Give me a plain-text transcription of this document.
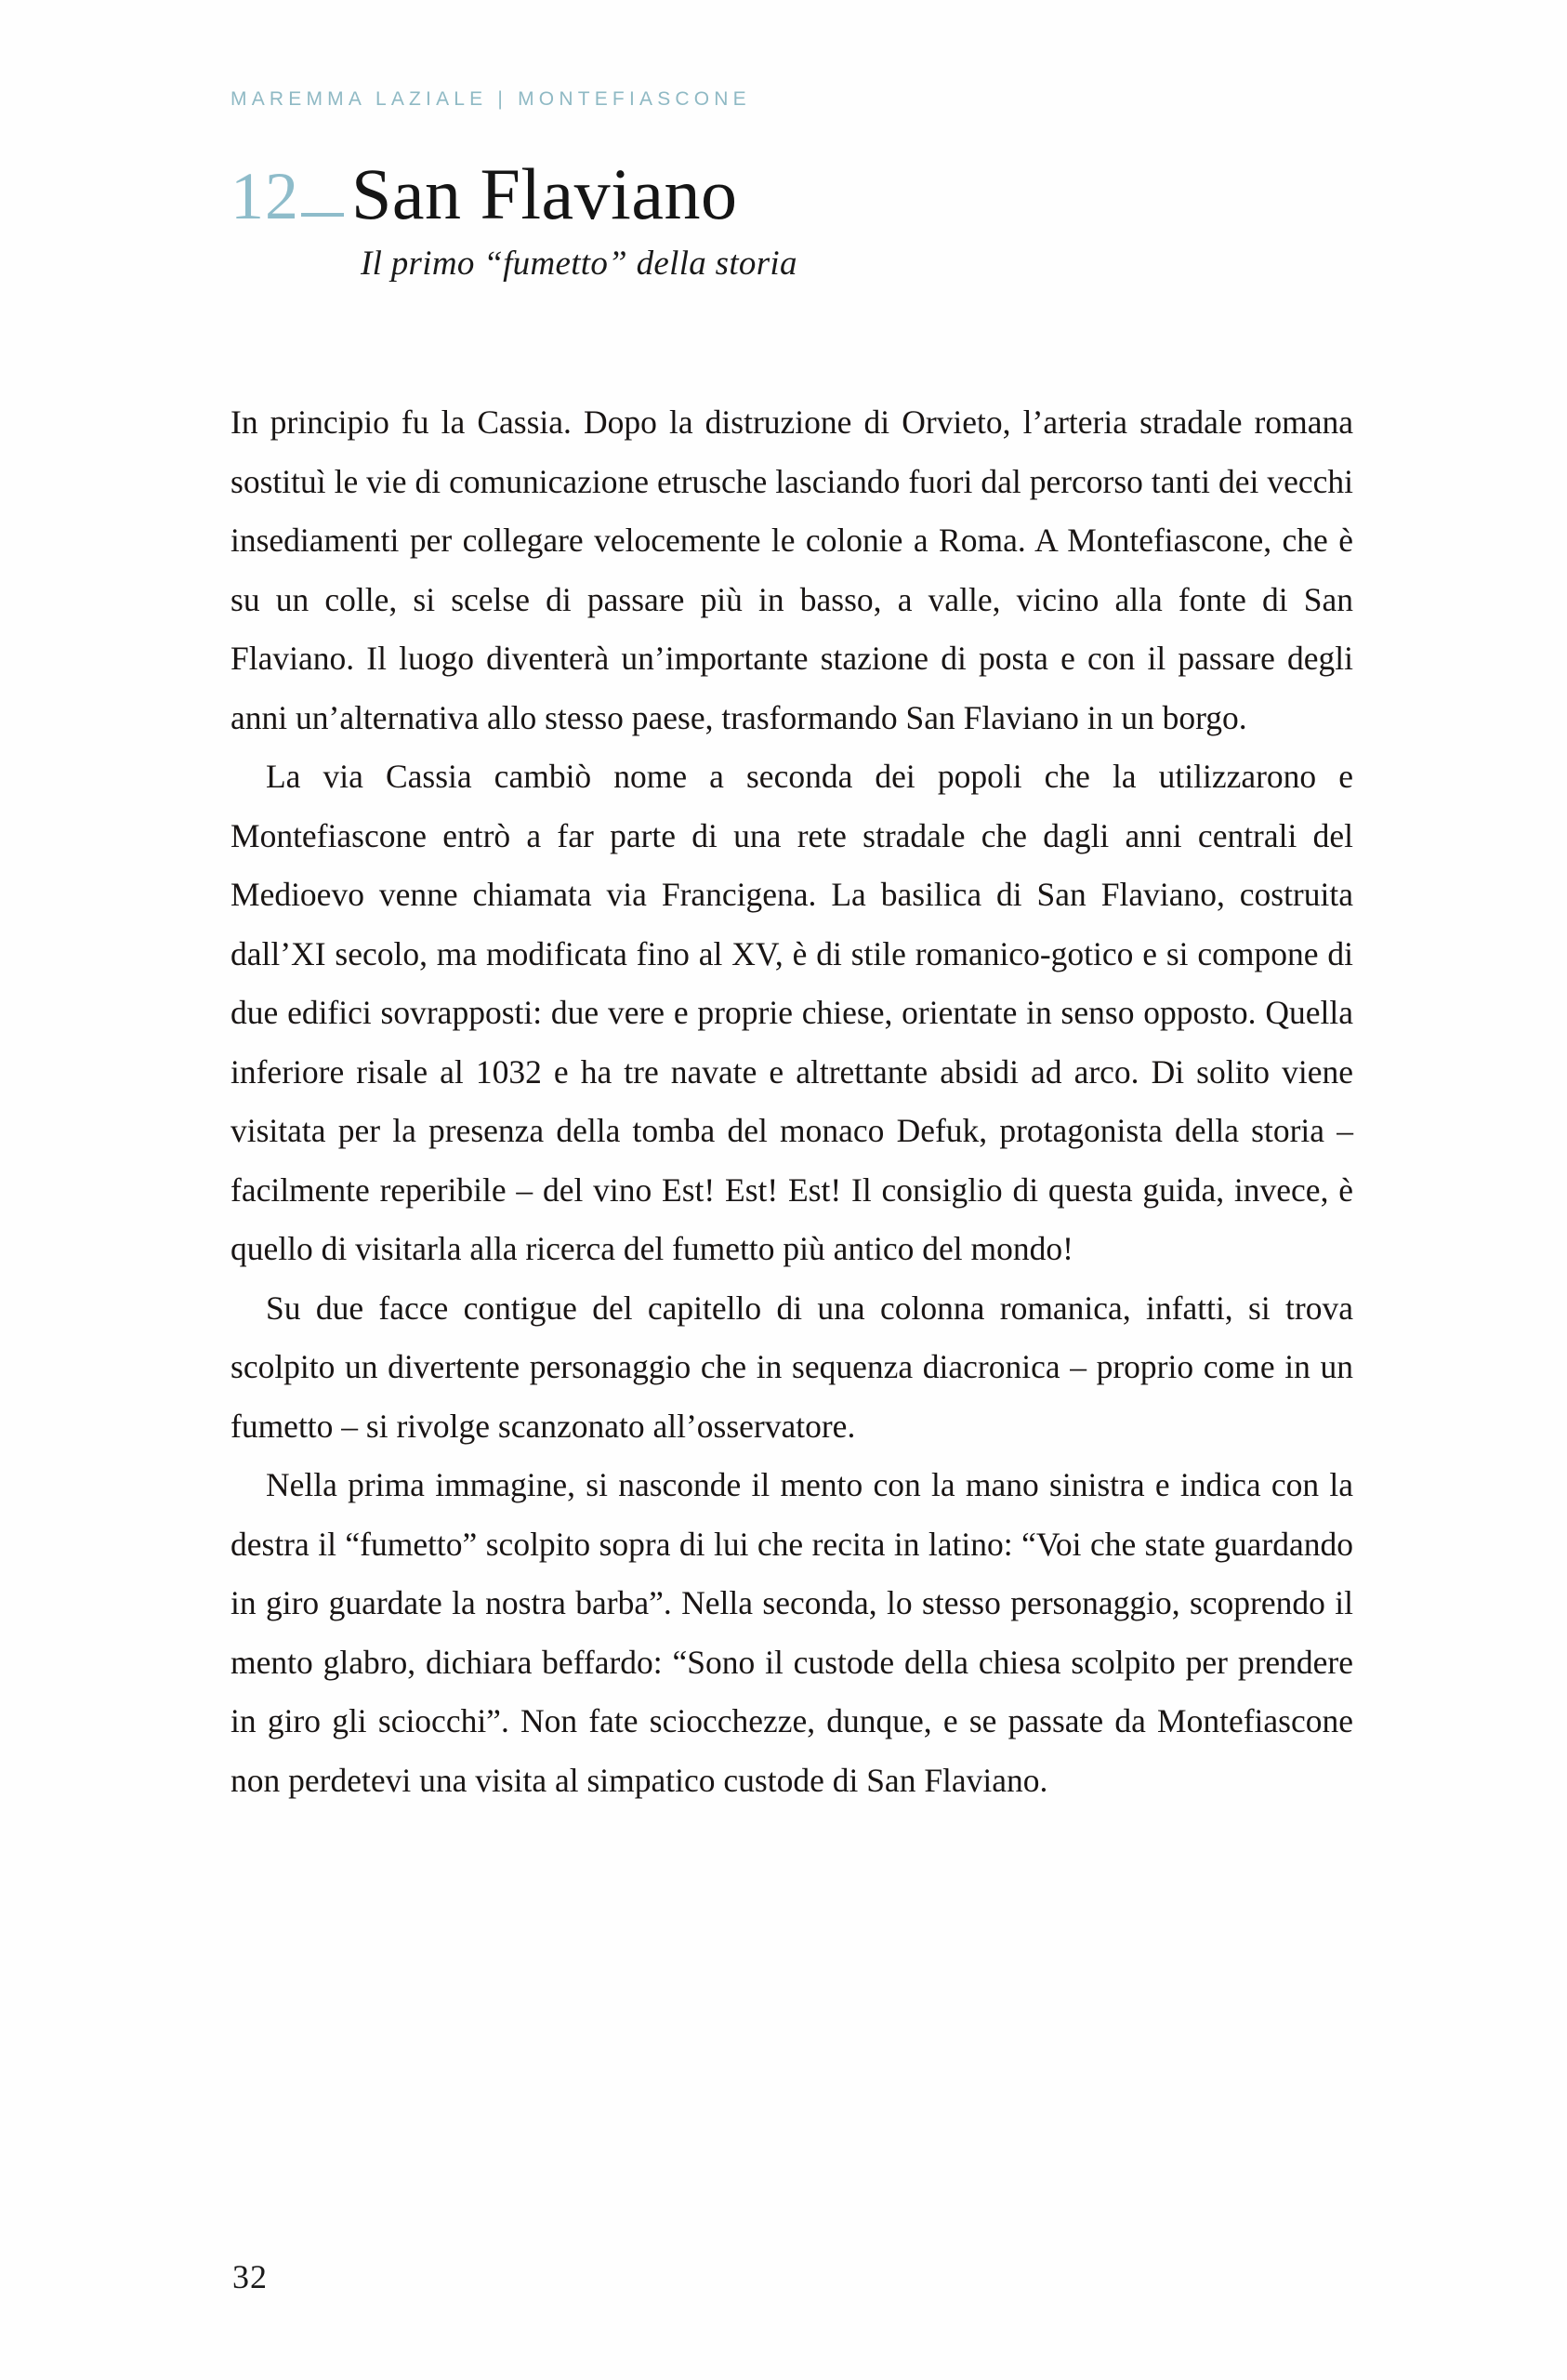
MAREMMA LAZIALE | MONTEFIASCONE
12 San Flaviano
Il primo “fumetto” della storia

In principio fu la Cassia. Dopo la distruzione di Orvieto, l’arteria stradale romana sostituì le vie di comunicazione etrusche lasciando fuori dal percorso tanti dei vecchi insediamenti per collegare velocemente le colonie a Roma. A Montefiascone, che è su un colle, si scelse di passare più in basso, a valle, vicino alla fonte di San Flaviano. Il luogo diventerà un’importante stazione di posta e con il passare degli anni un’alternativa allo stesso paese, trasformando San Flaviano in un borgo.

La via Cassia cambiò nome a seconda dei popoli che la utilizzarono e Montefiascone entrò a far parte di una rete stradale che dagli anni centrali del Medioevo venne chiamata via Francigena. La basilica di San Flaviano, costruita dall’XI secolo, ma modificata fino al XV, è di stile romanico-gotico e si compone di due edifici sovrapposti: due vere e proprie chiese, orientate in senso opposto. Quella inferiore risale al 1032 e ha tre navate e altrettante absidi ad arco. Di solito viene visitata per la presenza della tomba del monaco Defuk, protagonista della storia – facilmente reperibile – del vino Est! Est! Est! Il consiglio di questa guida, invece, è quello di visitarla alla ricerca del fumetto più antico del mondo!

Su due facce contigue del capitello di una colonna romanica, infatti, si trova scolpito un divertente personaggio che in sequenza diacronica – proprio come in un fumetto – si rivolge scanzonato all’osservatore.

Nella prima immagine, si nasconde il mento con la mano sinistra e indica con la destra il “fumetto” scolpito sopra di lui che recita in latino: “Voi che state guardando in giro guardate la nostra barba”. Nella seconda, lo stesso personaggio, scoprendo il mento glabro, dichiara beffardo: “Sono il custode della chiesa scolpito per prendere in giro gli sciocchi”. Non fate sciocchezze, dunque, e se passate da Montefiascone non perdetevi una visita al simpatico custode di San Flaviano.

32
